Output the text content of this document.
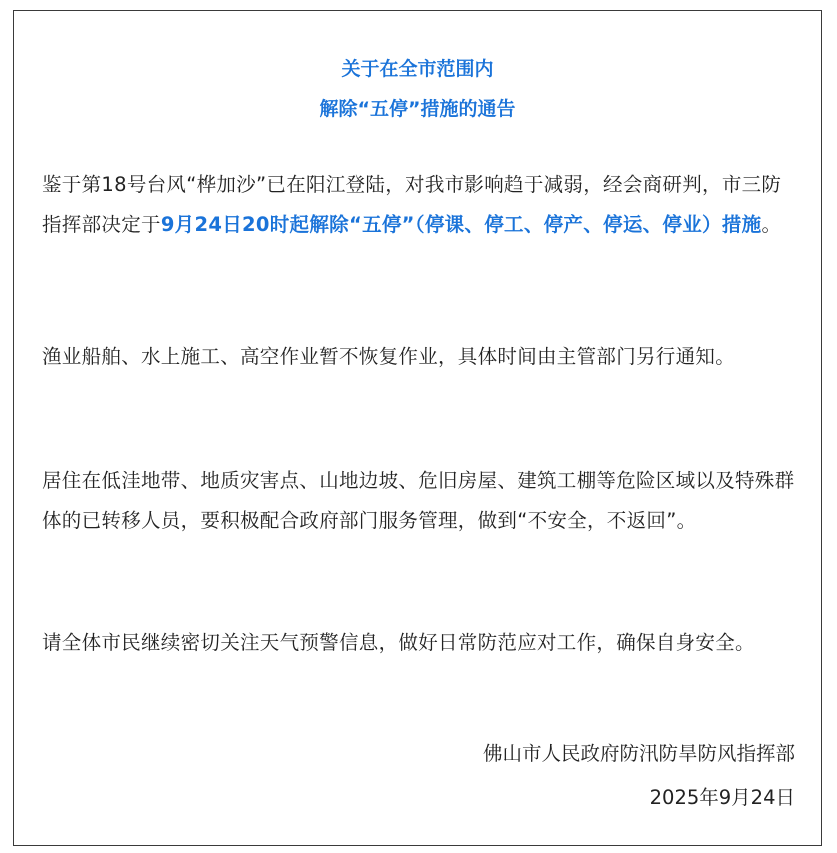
关于在全市范围内
解除“五停”措施的通告

鉴于第18号台风“桦加沙”已在阳江登陆，对我市影响趋于减弱，经会商研判，市三防指挥部决定于9月24日20时起解除“五停”（停课、停工、停产、停运、停业）措施。

渔业船舶、水上施工、高空作业暂不恢复作业，具体时间由主管部门另行通知。

居住在低洼地带、地质灾害点、山地边坡、危旧房屋、建筑工棚等危险区域以及特殊群体的已转移人员，要积极配合政府部门服务管理，做到“不安全，不返回”。

请全体市民继续密切关注天气预警信息，做好日常防范应对工作，确保自身安全。

佛山市人民政府防汛防旱防风指挥部
2025年9月24日
